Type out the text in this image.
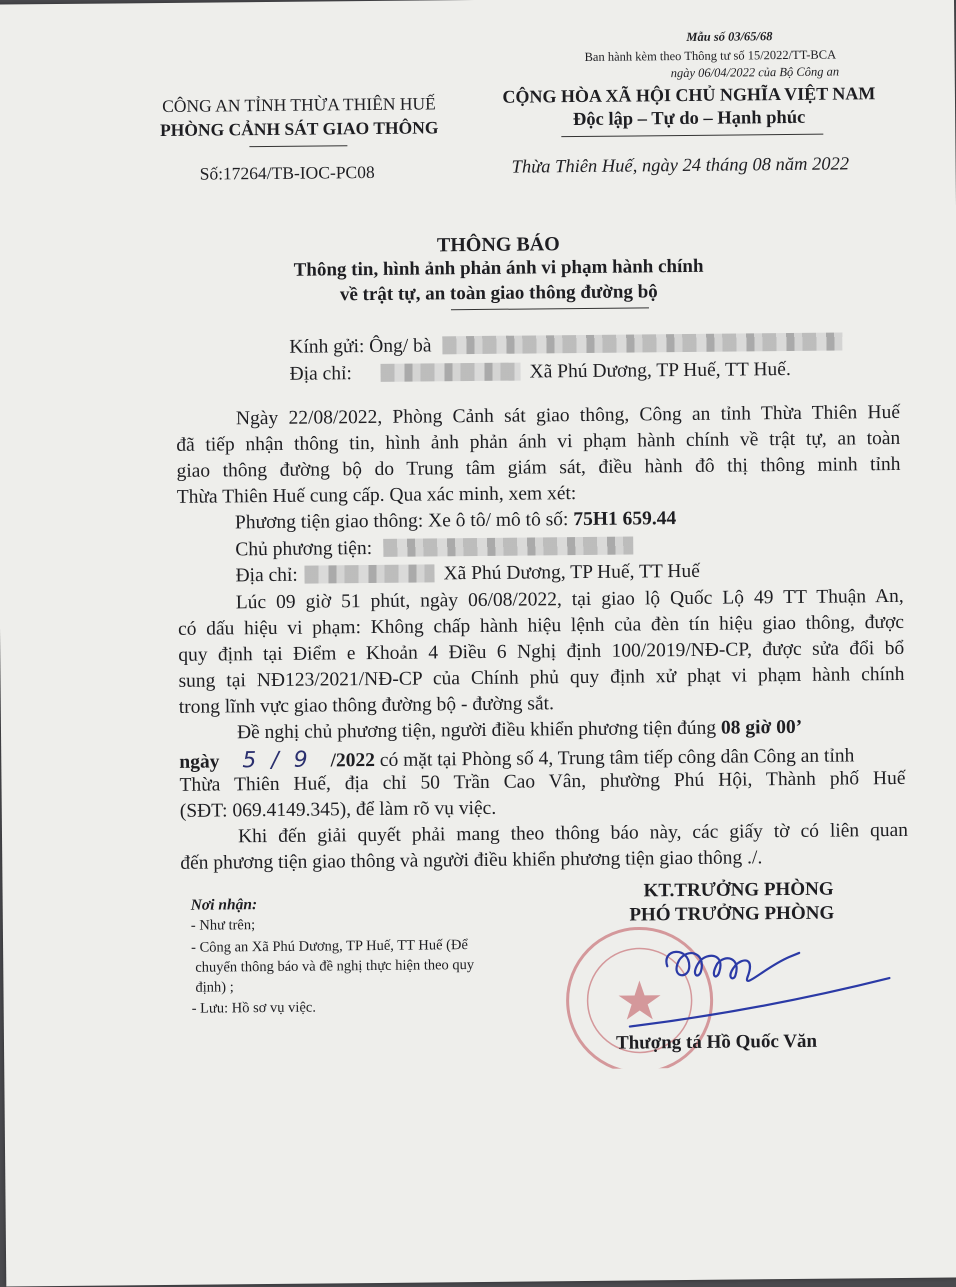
Mẫu số 03/65/68
Ban hành kèm theo Thông tư số 15/2022/TT-BCA
ngày 06/04/2022 của Bộ Công an
CÔNG AN TỈNH THỪA THIÊN HUẾ
PHÒNG CẢNH SÁT GIAO THÔNG
Số:17264/TB-IOC-PC08
CỘNG HÒA XÃ HỘI CHỦ NGHĨA VIỆT NAM
Độc lập – Tự do – Hạnh phúc
Thừa Thiên Huế, ngày 24 tháng 08 năm 2022
THÔNG BÁO
Thông tin, hình ảnh phản ánh vi phạm hành chính
về trật tự, an toàn giao thông đường bộ
Kính gửi: Ông/ bà
Địa chỉ:	Xã Phú Dương, TP Huế, TT Huế.
Ngày 22/08/2022, Phòng Cảnh sát giao thông, Công an tỉnh Thừa Thiên Huế
đã tiếp nhận thông tin, hình ảnh phản ánh vi phạm hành chính về trật tự, an toàn
giao thông đường bộ do Trung tâm giám sát, điều hành đô thị thông minh tỉnh
Thừa Thiên Huế cung cấp. Qua xác minh, xem xét:
Phương tiện giao thông: Xe ô tô/ mô tô số: 75H1 659.44
Chủ phương tiện:
Địa chỉ:	Xã Phú Dương, TP Huế, TT Huế
Lúc 09 giờ 51 phút, ngày 06/08/2022, tại giao lộ Quốc Lộ 49 TT Thuận An,
có dấu hiệu vi phạm: Không chấp hành hiệu lệnh của đèn tín hiệu giao thông, được
quy định tại Điểm e Khoản 4 Điều 6 Nghị định 100/2019/NĐ-CP, được sửa đổi bổ
sung tại NĐ123/2021/NĐ-CP của Chính phủ quy định xử phạt vi phạm hành chính
trong lĩnh vực giao thông đường bộ - đường sắt.
Đề nghị chủ phương tiện, người điều khiển phương tiện đúng 08 giờ 00’
ngày 5 / 9 /2022 có mặt tại Phòng số 4, Trung tâm tiếp công dân Công an tỉnh
Thừa Thiên Huế, địa chỉ 50 Trần Cao Vân, phường Phú Hội, Thành phố Huế
(SĐT: 069.4149.345), để làm rõ vụ việc.
Khi đến giải quyết phải mang theo thông báo này, các giấy tờ có liên quan
đến phương tiện giao thông và người điều khiển phương tiện giao thông ./.
Nơi nhận:
- Như trên;
- Công an Xã Phú Dương, TP Huế, TT Huế (Để
chuyển thông báo và đề nghị thực hiện theo quy
định) ;
- Lưu: Hồ sơ vụ việc.
KT.TRƯỞNG PHÒNG
PHÓ TRƯỞNG PHÒNG
Thượng tá Hồ Quốc Văn
